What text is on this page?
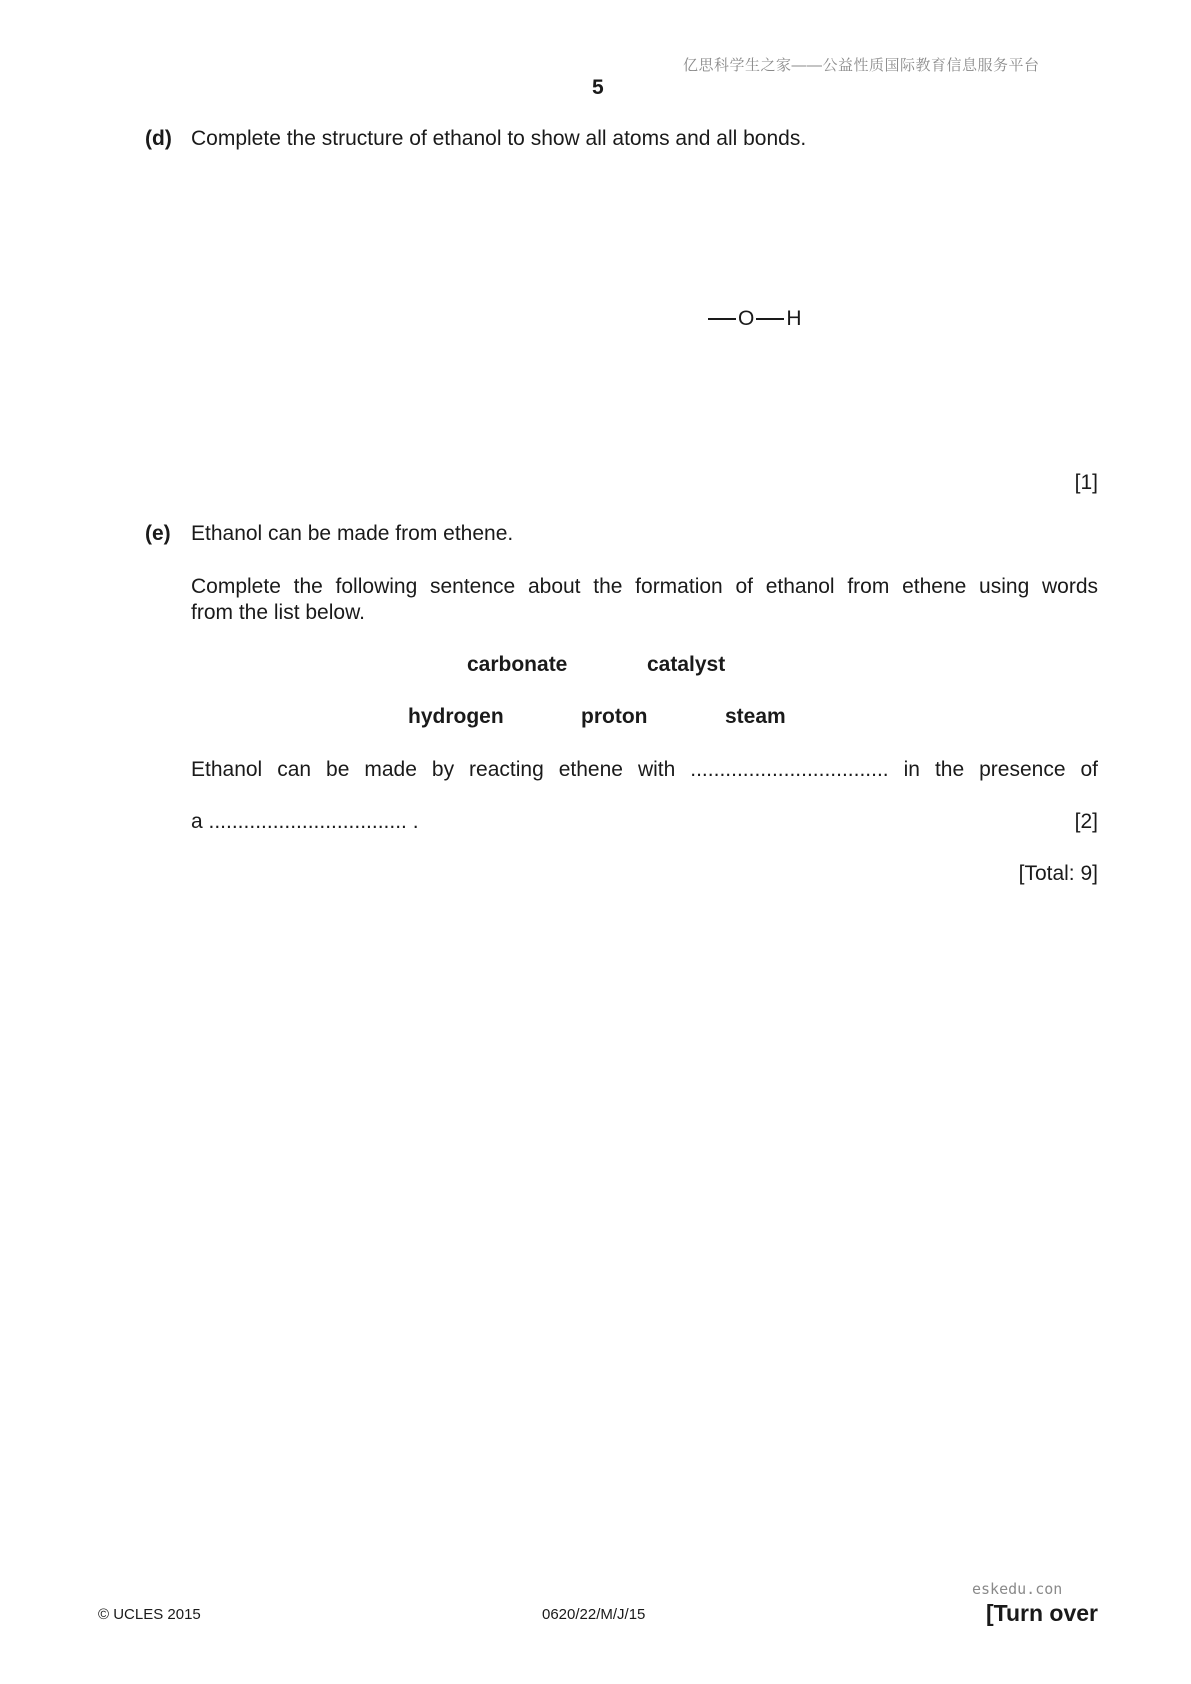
亿思科学生之家——公益性质国际教育信息服务平台
5
(d) Complete the structure of ethanol to show all atoms and all bonds.
O H
[1]
(e) Ethanol can be made from ethene.
Complete the following sentence about the formation of ethanol from ethene using words
from the list below.
carbonate	catalyst
hydrogen	proton	steam
Ethanol can be made by reacting ethene with .................................. in the presence of
a .................................. .	[2]
[Total: 9]
eskedu.con
© UCLES 2015	0620/22/M/J/15	[Turn over
